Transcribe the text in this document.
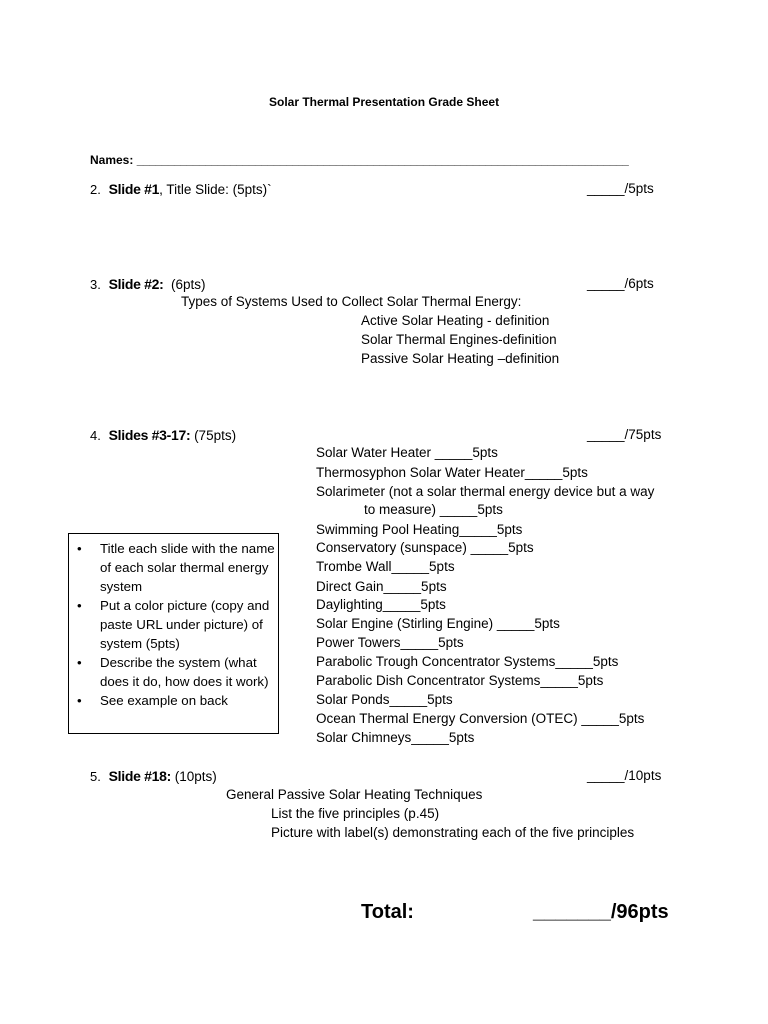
Solar Thermal Presentation Grade Sheet
Names: _______________________________________________________________________________
2. Slide #1, Title Slide: (5pts)`	_____/5pts
3. Slide #2:  (6pts)	_____/6pts
Types of Systems Used to Collect Solar Thermal Energy:
Active Solar Heating - definition
Solar Thermal Engines-definition
Passive Solar Heating –definition
4. Slides #3-17: (75pts)	_____/75pts
Solar Water Heater _____5pts
Thermosyphon Solar Water Heater_____5pts
Solarimeter (not a solar thermal energy device but a way
to measure) _____5pts
Swimming Pool Heating_____5pts
Conservatory (sunspace) _____5pts
Trombe Wall_____5pts
Direct Gain_____5pts
Daylighting_____5pts
Solar Engine (Stirling Engine) _____5pts
Power Towers_____5pts
Parabolic Trough Concentrator Systems_____5pts
Parabolic Dish Concentrator Systems_____5pts
Solar Ponds_____5pts
Ocean Thermal Energy Conversion (OTEC) _____5pts
Solar Chimneys_____5pts
• Title each slide with the name of each solar thermal energy system
• Put a color picture (copy and paste URL under picture) of system (5pts)
• Describe the system (what does it do, how does it work)
• See example on back
5. Slide #18: (10pts)	_____/10pts
General Passive Solar Heating Techniques
List the five principles (p.45)
Picture with label(s) demonstrating each of the five principles
Total:	_______/96pts
